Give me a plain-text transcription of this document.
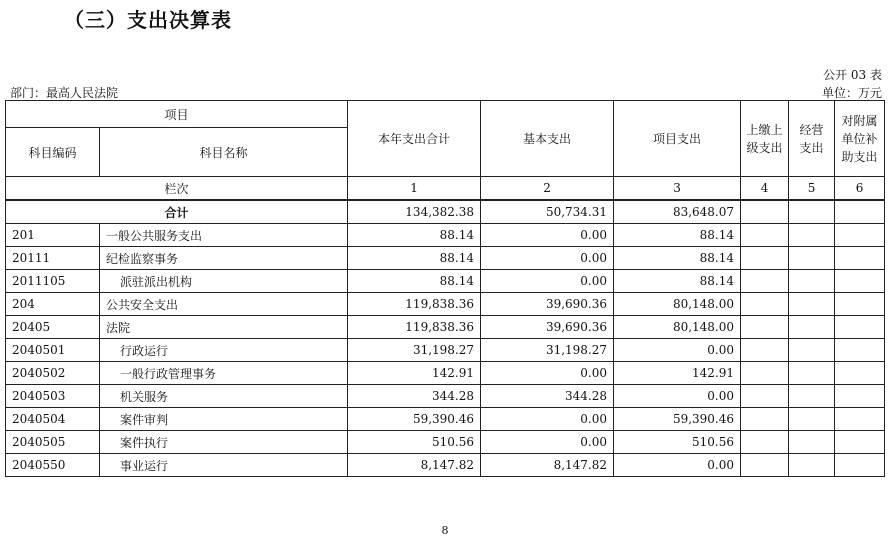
（三）支出决算表
公开 03 表
部门：最高人民法院	单位：万元
项目		本年支出合计	基本支出	项目支出	上缴上级支出	经营支出	对附属单位补助支出
科目编码	科目名称						
栏次		1	2	3	4	5	6
合计		134,382.38	50,734.31	83,648.07			
201	一般公共服务支出	88.14	0.00	88.14			
20111	纪检监察事务	88.14	0.00	88.14			
2011105	派驻派出机构	88.14	0.00	88.14			
204	公共安全支出	119,838.36	39,690.36	80,148.00			
20405	法院	119,838.36	39,690.36	80,148.00			
2040501	行政运行	31,198.27	31,198.27	0.00			
2040502	一般行政管理事务	142.91	0.00	142.91			
2040503	机关服务	344.28	344.28	0.00			
2040504	案件审判	59,390.46	0.00	59,390.46			
2040505	案件执行	510.56	0.00	510.56			
2040550	事业运行	8,147.82	8,147.82	0.00			
8
